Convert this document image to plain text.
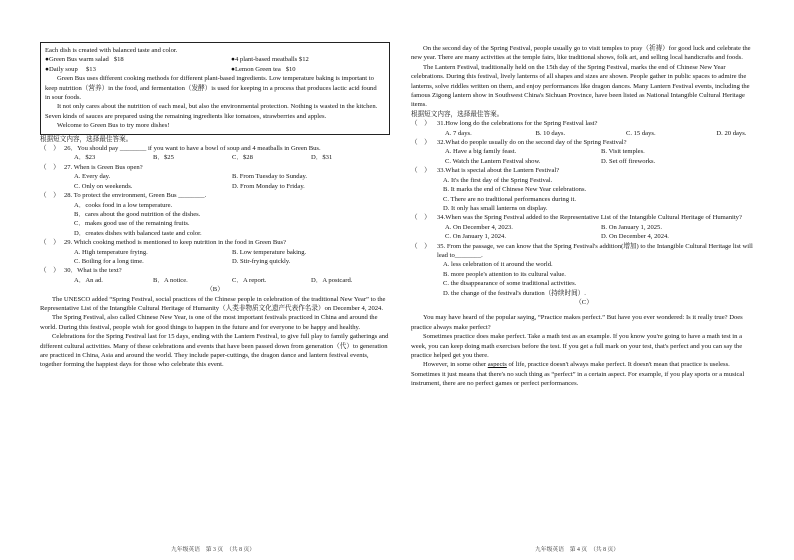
Each dish is created with balanced taste and color.

●Green Bus warm salad $18	●4 plant-based meatballs $12
●Daily soup $13	●Lemon Green tea $10

Green Bus uses different cooking methods for different plant-based ingredients. Low temperature baking is important to keep nutrition（营养）in the food, and fermentation（发酵）is used for keeping in a process that produces lactic acid found in sour foods.

It not only cares about the nutrition of each meal, but also the environmental protection. Nothing is wasted in the kitchen. Seven kinds of sauces are prepared using the remaining ingredients like tomatoes, strawberries and apples.

Welcome to Green Bus to try more dishes!

根据短文内容，选择最佳答案。

（    ） 26．You should pay ________ if you want to have a bowl of soup and 4 meatballs in Green Bus.
A．$23	B．$25	C．$28	D．$31
（    ） 27. When is Green Bus open?
A. Every day.	B. From Tuesday to Sunday.
C. Only on weekends.	D. From Monday to Friday.
（    ） 28. To protect the environment, Green Bus ________.
A．cooks food in a low temperature.
B．cares about the good nutrition of the dishes.
C．makes good use of the remaining fruits.
D．creates dishes with balanced taste and color.
（    ） 29. Which cooking method is mentioned to keep nutrition in the food in Green Bus?
A. High temperature frying.	B. Low temperature baking.
C. Boiling for a long time.	D. Stir-frying quickly.
（    ） 30．What is the text?
A．An ad.	B．A notice.	C．A report.	D．A postcard.

（B）

The UNESCO added “Spring Festival, social practices of the Chinese people in celebration of the traditional New Year” to the Representative List of the Intangible Cultural Heritage of Humanity（人类非物质文化遗产代表作名录）on December 4, 2024.

The Spring Festival, also called Chinese New Year, is one of the most important festivals practiced in China and around the world. During this festival, people wish for good things to happen in the future and for everyone to be happy and healthy.

Celebrations for the Spring Festival last for 15 days, ending with the Lantern Festival, to give full play to family gatherings and different cultural activities. Many of these celebrations and events that have been passed down from generation（代）to generation are practiced in China, Asia and around the world. They include paper-cuttings, the dragon dance and lantern festival events, together forming the happiest days for those who celebrate this event.

九年级英语　第 3 页　（共 8 页）

On the second day of the Spring Festival, people usually go to visit temples to pray（祈祷）for good luck and celebrate the new year. There are many activities at the temple fairs, like traditional shows, folk art, and selling local handicrafts and foods.

The Lantern Festival, traditionally held on the 15th day of the Spring Festival, marks the end of Chinese New Year celebrations. During this festival, lively lanterns of all shapes and sizes are shown. People gather in public spaces to admire the lanterns, solve riddles written on them, and enjoy performances like dragon dances. Many Lantern Festival events, including the famous Zigong lantern show in Southwest China's Sichuan Province, have been listed as National Intangible Cultural Heritage items.

根据短文内容，选择最佳答案。

（    ） 31.How long do the celebrations for the Spring Festival last?
A. 7 days.	B. 10 days.	C. 15 days.	D. 20 days.
（    ） 32.What do people usually do on the second day of the Spring Festival?
A. Have a big family feast.	B. Visit temples.
C. Watch the Lantern Festival show.	D. Set off fireworks.
（    ） 33.What is special about the Lantern Festival?
A. It's the first day of the Spring Festival.
B. It marks the end of Chinese New Year celebrations.
C. There are no traditional performances during it.
D. It only has small lanterns on display.
（    ） 34.When was the Spring Festival added to the Representative List of the Intangible Cultural Heritage of Humanity?
A. On December 4, 2023.	B. On January 1, 2025.
C. On January 1, 2024.	D. On December 4, 2024.
（    ） 35. From the passage, we can know that the Spring Festival's addition(增加) to the Intangible Cultural Heritage list will lead to________.
A. less celebration of it around the world.
B. more people's attention to its cultural value.
C. the disappearance of some traditional activities.
D. the change of the festival's duration（持续时间）.

（C）

You may have heard of the popular saying, “Practice makes perfect.” But have you ever wondered: Is it really true? Does practice always make perfect?

Sometimes practice does make perfect. Take a math test as an example. If you know you're going to have a math test in a week, you can keep doing math exercises before the test. If you get a full mark on your test, that's perfect and you can say the practice helped get you there.

However, in some other aspects of life, practice doesn't always make perfect. It doesn't mean that practice is useless. Sometimes it just means that there's no such thing as “perfect” in a certain aspect. For example, if you play sports or a musical instrument, there are no perfect games or perfect performances.

九年级英语　第 4 页　（共 8 页）
